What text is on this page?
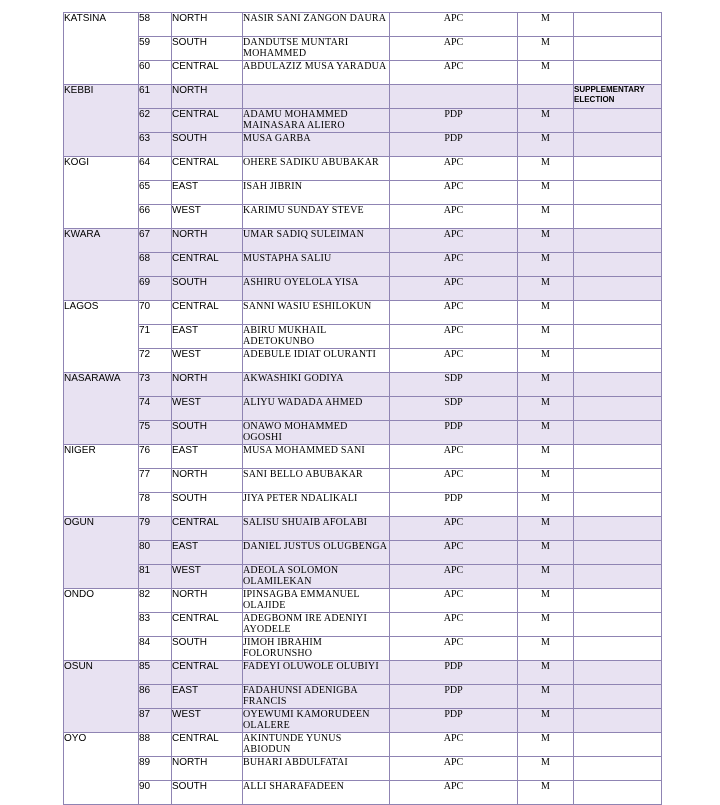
KATSINA	58	NORTH	NASIR SANI ZANGON DAURA	APC	M	
	59	SOUTH	DANDUTSE MUNTARI MOHAMMED	APC	M	
	60	CENTRAL	ABDULAZIZ MUSA YARADUA	APC	M	
KEBBI	61	NORTH				SUPPLEMENTARY ELECTION
	62	CENTRAL	ADAMU MOHAMMED MAINASARA ALIERO	PDP	M	
	63	SOUTH	MUSA GARBA	PDP	M	
KOGI	64	CENTRAL	OHERE SADIKU ABUBAKAR	APC	M	
	65	EAST	ISAH JIBRIN	APC	M	
	66	WEST	KARIMU SUNDAY STEVE	APC	M	
KWARA	67	NORTH	UMAR SADIQ SULEIMAN	APC	M	
	68	CENTRAL	MUSTAPHA SALIU	APC	M	
	69	SOUTH	ASHIRU OYELOLA YISA	APC	M	
LAGOS	70	CENTRAL	SANNI WASIU ESHILOKUN	APC	M	
	71	EAST	ABIRU MUKHAIL ADETOKUNBO	APC	M	
	72	WEST	ADEBULE IDIAT OLURANTI	APC	M	
NASARAWA	73	NORTH	AKWASHIKI GODIYA	SDP	M	
	74	WEST	ALIYU WADADA AHMED	SDP	M	
	75	SOUTH	ONAWO MOHAMMED OGOSHI	PDP	M	
NIGER	76	EAST	MUSA MOHAMMED SANI	APC	M	
	77	NORTH	SANI BELLO ABUBAKAR	APC	M	
	78	SOUTH	JIYA PETER NDALIKALI	PDP	M	
OGUN	79	CENTRAL	SALISU SHUAIB AFOLABI	APC	M	
	80	EAST	DANIEL JUSTUS OLUGBENGA	APC	M	
	81	WEST	ADEOLA SOLOMON OLAMILEKAN	APC	M	
ONDO	82	NORTH	IPINSAGBA EMMANUEL OLAJIDE	APC	M	
	83	CENTRAL	ADEGBONM IRE ADENIYI AYODELE	APC	M	
	84	SOUTH	JIMOH IBRAHIM FOLORUNSHO	APC	M	
OSUN	85	CENTRAL	FADEYI OLUWOLE OLUBIYI	PDP	M	
	86	EAST	FADAHUNSI ADENIGBA FRANCIS	PDP	M	
	87	WEST	OYEWUMI KAMORUDEEN OLALERE	PDP	M	
OYO	88	CENTRAL	AKINTUNDE YUNUS ABIODUN	APC	M	
	89	NORTH	BUHARI ABDULFATAI	APC	M	
	90	SOUTH	ALLI SHARAFADEEN	APC	M	
